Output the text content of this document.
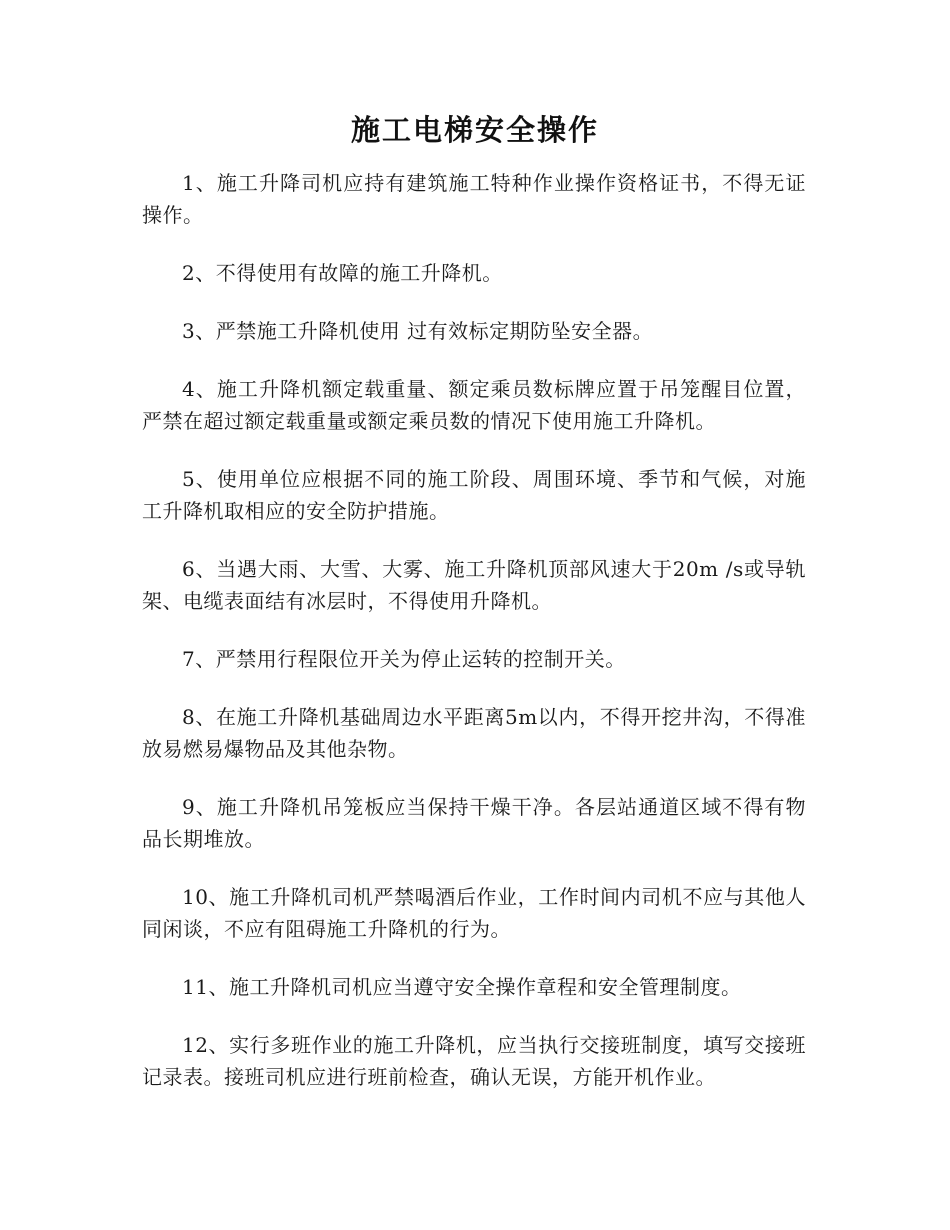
施工电梯安全操作

1、施工升降司机应持有建筑施工特种作业操作资格证书，不得无证操作。

2、不得使用有故障的施工升降机。

3、严禁施工升降机使用 过有效标定期防坠安全器。

4、施工升降机额定载重量、额定乘员数标牌应置于吊笼醒目位置，严禁在超过额定载重量或额定乘员数的情况下使用施工升降机。

5、使用单位应根据不同的施工阶段、周围环境、季节和气候，对施工升降机取相应的安全防护措施。

6、当遇大雨、大雪、大雾、施工升降机顶部风速大于20m /s或导轨架、电缆表面结有冰层时，不得使用升降机。

7、严禁用行程限位开关为停止运转的控制开关。

8、在施工升降机基础周边水平距离5m以内，不得开挖井沟，不得准放易燃易爆物品及其他杂物。

9、施工升降机吊笼板应当保持干燥干净。各层站通道区域不得有物品长期堆放。

10、施工升降机司机严禁喝酒后作业，工作时间内司机不应与其他人同闲谈，不应有阻碍施工升降机的行为。

11、施工升降机司机应当遵守安全操作章程和安全管理制度。

12、实行多班作业的施工升降机，应当执行交接班制度，填写交接班记录表。接班司机应进行班前检查，确认无误，方能开机作业。
